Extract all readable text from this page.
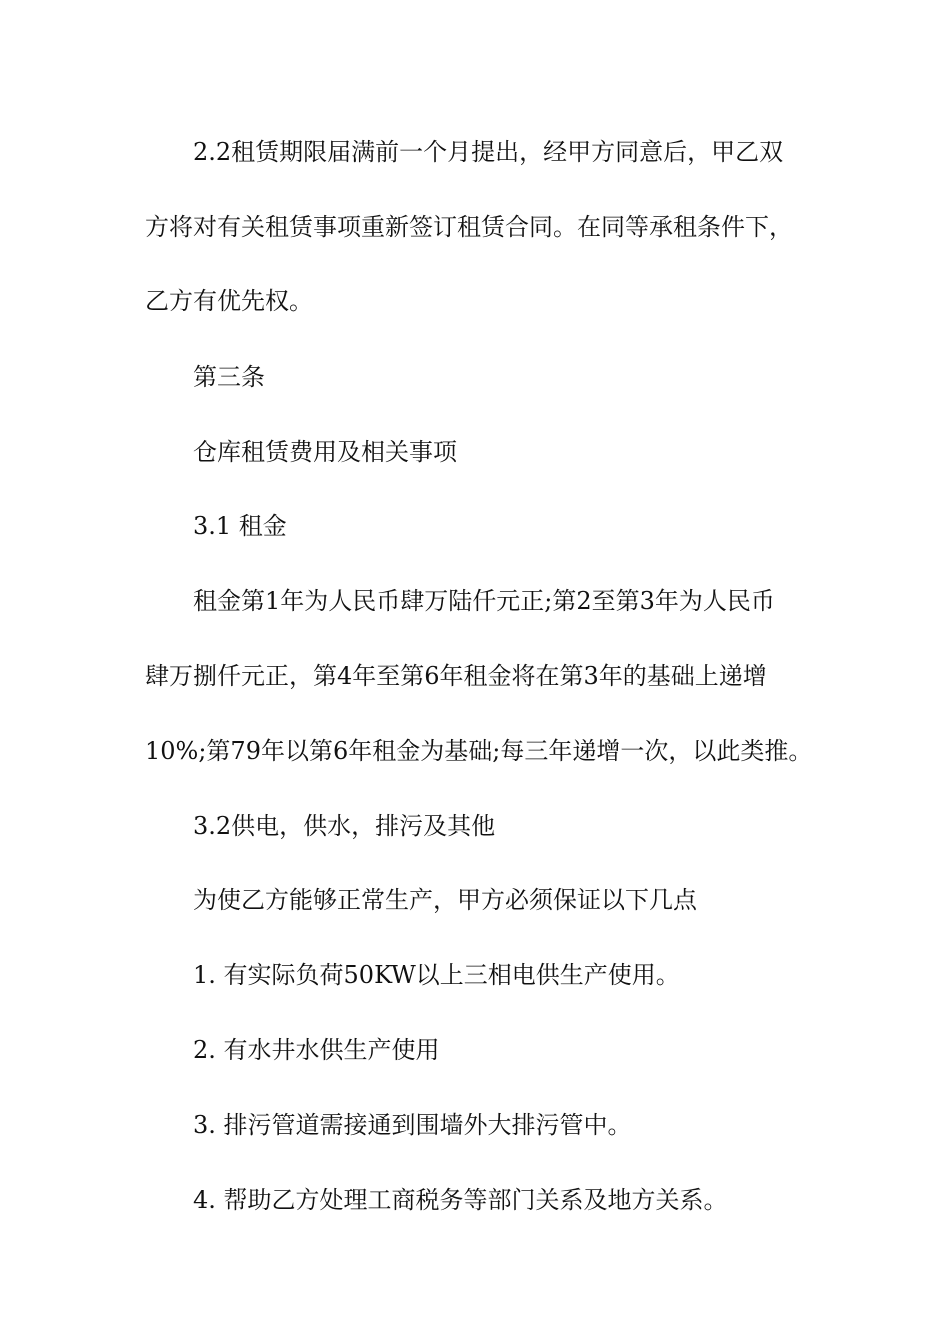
2.2租赁期限届满前一个月提出，经甲方同意后，甲乙双
方将对有关租赁事项重新签订租赁合同。在同等承租条件下，
乙方有优先权。
第三条
仓库租赁费用及相关事项
3.1 租金
租金第1年为人民币肆万陆仟元正;第2至第3年为人民币
肆万捌仟元正，第4年至第6年租金将在第3年的基础上递增
10%;第79年以第6年租金为基础;每三年递增一次，以此类推。
3.2供电，供水，排污及其他
为使乙方能够正常生产，甲方必须保证以下几点
1. 有实际负荷50KW以上三相电供生产使用。
2. 有水井水供生产使用
3. 排污管道需接通到围墙外大排污管中。
4. 帮助乙方处理工商税务等部门关系及地方关系。
